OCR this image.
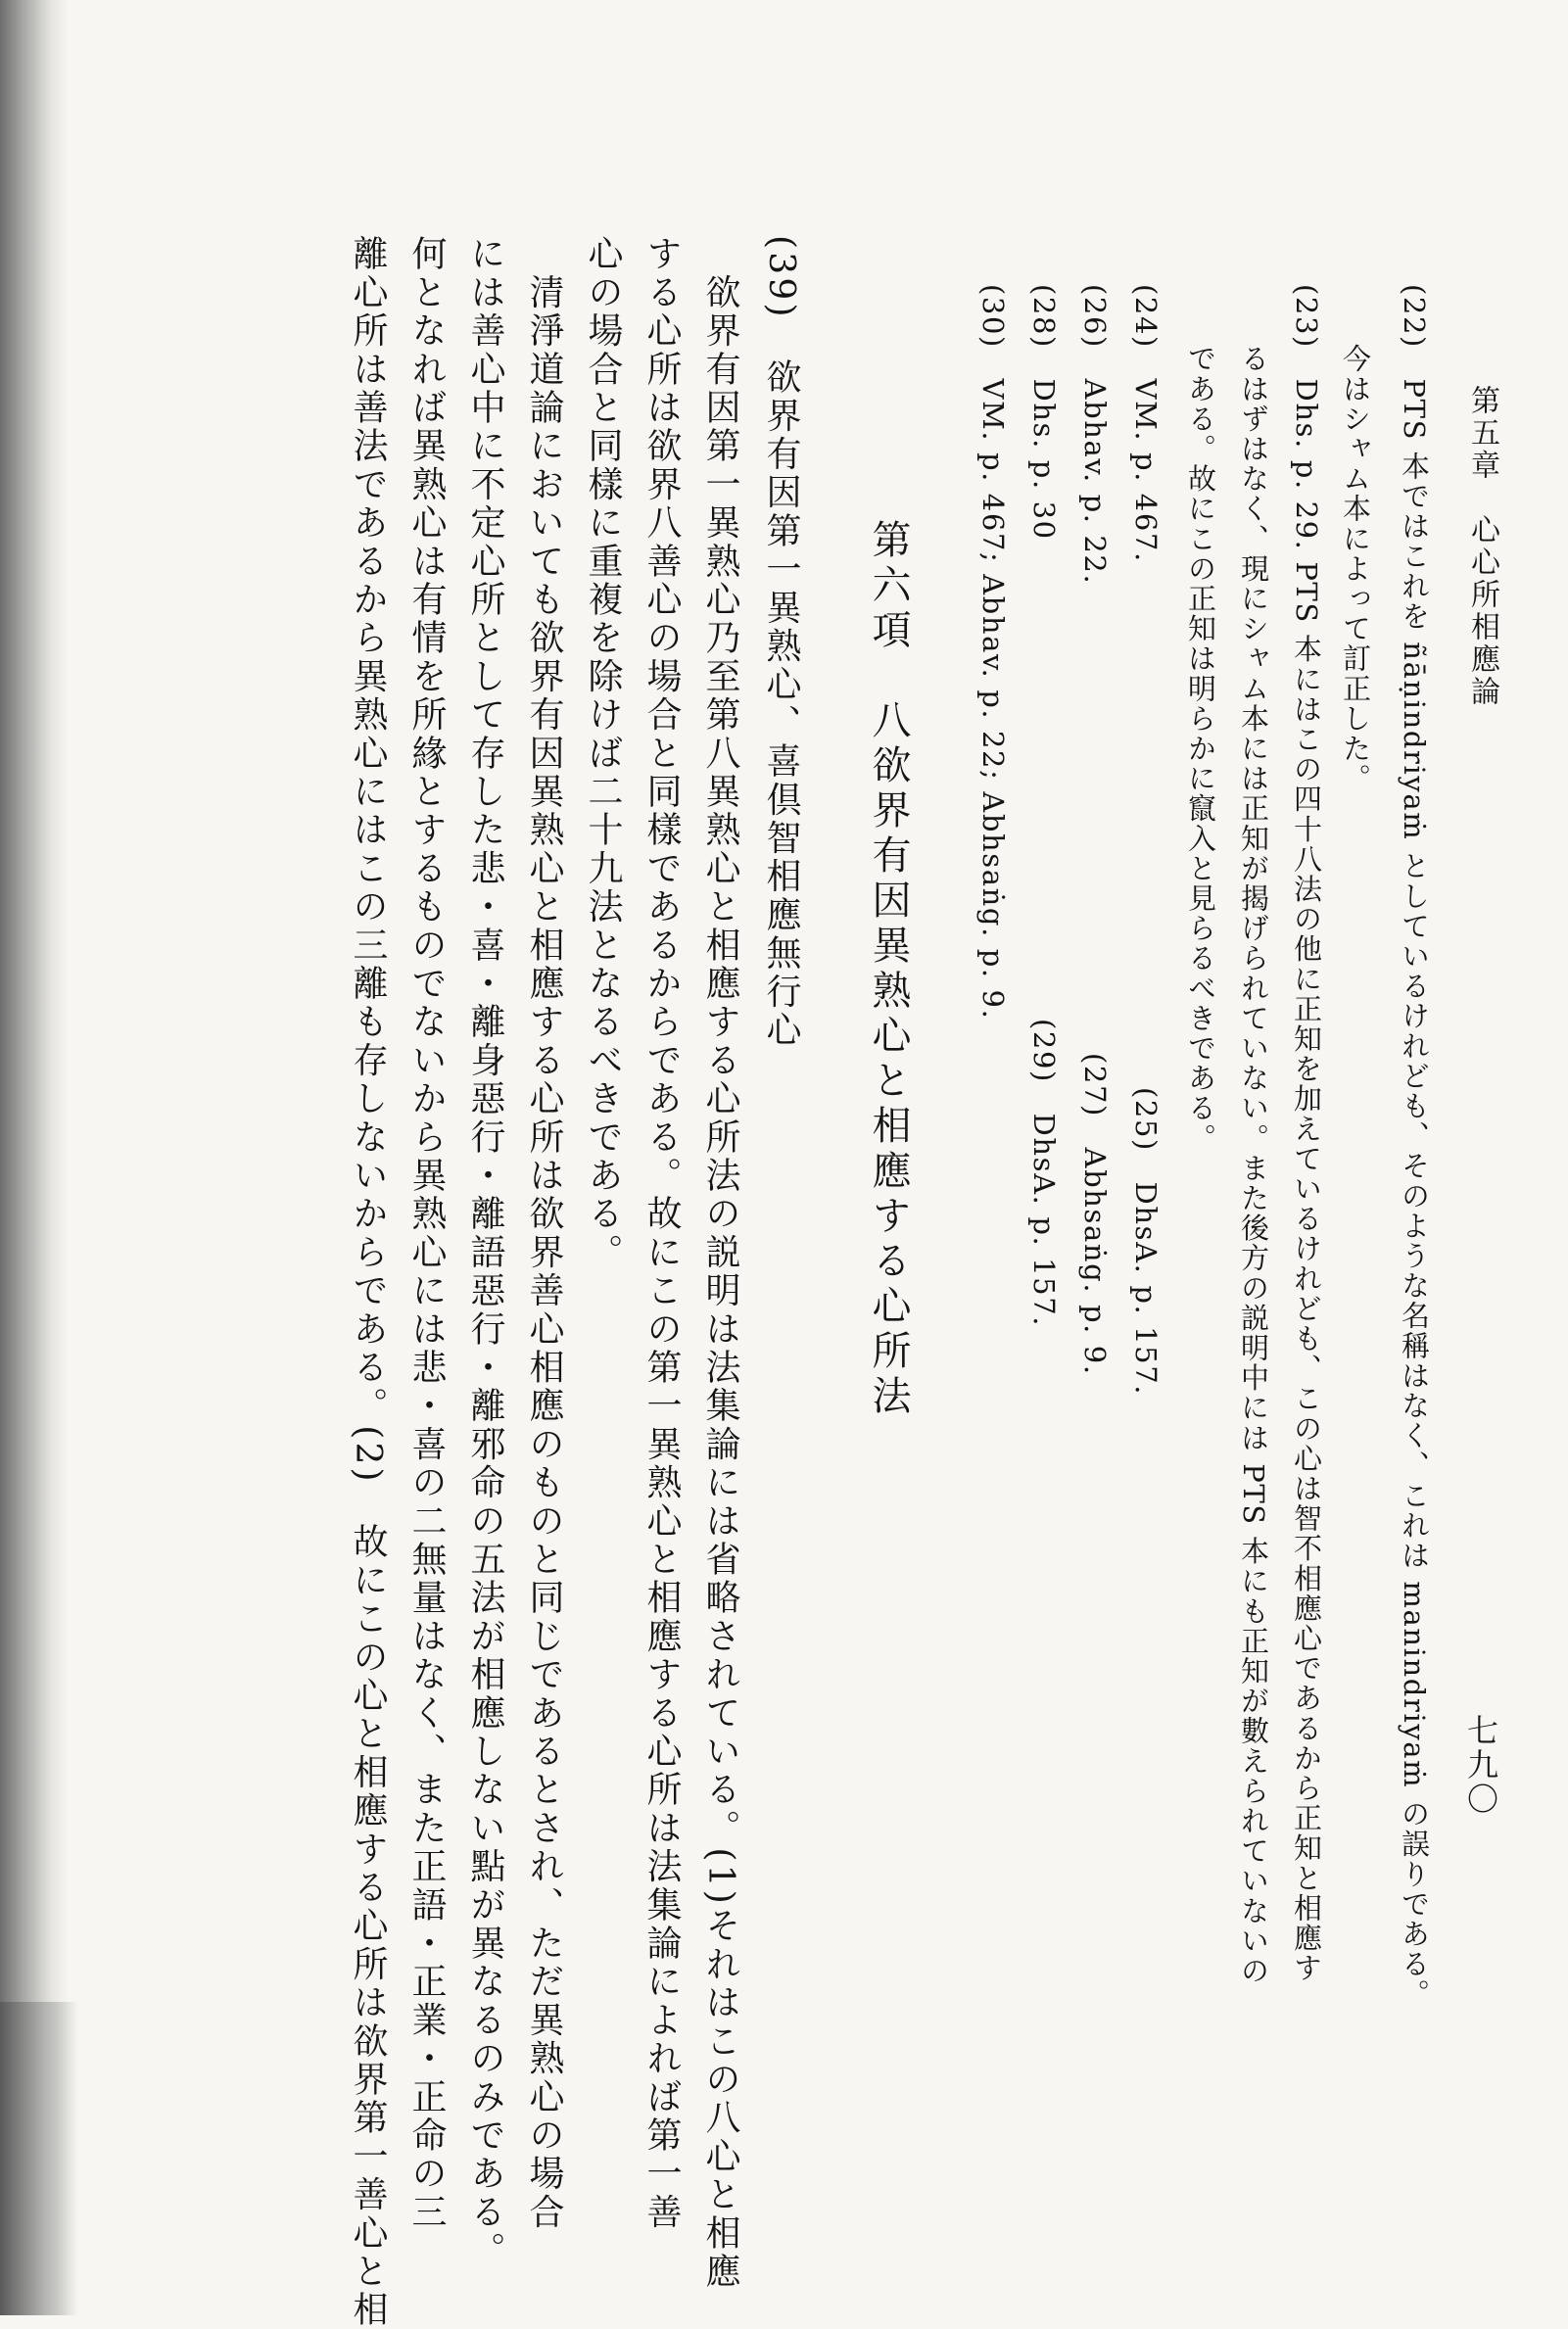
第五章　心心所相應論

七九〇

(22)　PTS 本ではこれを ñāṇindriyaṁ としているけれども、そのような名稱はなく、これは manindriyaṁ の誤りである。

　　今はシャム本によって訂正した。

(23)　Dhs. p. 29. PTS 本にはこの四十八法の他に正知を加えているけれども、この心は智不相應心であるから正知と相應す

　　るはずはなく、現にシャム本には正知が揭げられていない。また後方の説明中には PTS 本にも正知が數えられていないの

　　である。故にこの正知は明らかに竄入と見らるべきである。

(24)　VM. p. 467.

(25)　DhsA. p. 157.

(26)　Abhav. p. 22.

(27)　Abhsaṅg. p. 9.

(28)　Dhs. p. 30

(29)　DhsA. p. 157.

(30)　VM. p. 467; Abhav. p. 22; Abhsaṅg. p. 9.

第六項　八欲界有因異熟心と相應する心所法
(39)　欲界有因第一異熟心、喜倶智相應無行心

　欲界有因第一異熟心乃至第八異熟心と相應する心所法の説明は法集論には省略されている。(1)それはこの八心と相應

する心所は欲界八善心の場合と同樣であるからである。故にこの第一異熟心と相應する心所は法集論によれば第一善

心の場合と同樣に重複を除けば二十九法となるべきである。

　清淨道論においても欲界有因異熟心と相應する心所は欲界善心相應のものと同じであるとされ、ただ異熟心の場合

には善心中に不定心所として存した悲・喜・離身惡行・離語惡行・離邪命の五法が相應しない點が異なるのみである。

何となれば異熟心は有情を所緣とするものでないから異熟心には悲・喜の二無量はなく、また正語・正業・正命の三

離心所は善法であるから異熟心にはこの三離も存しないからである。(2)　故にこの心と相應する心所は欲界第一善心と相
